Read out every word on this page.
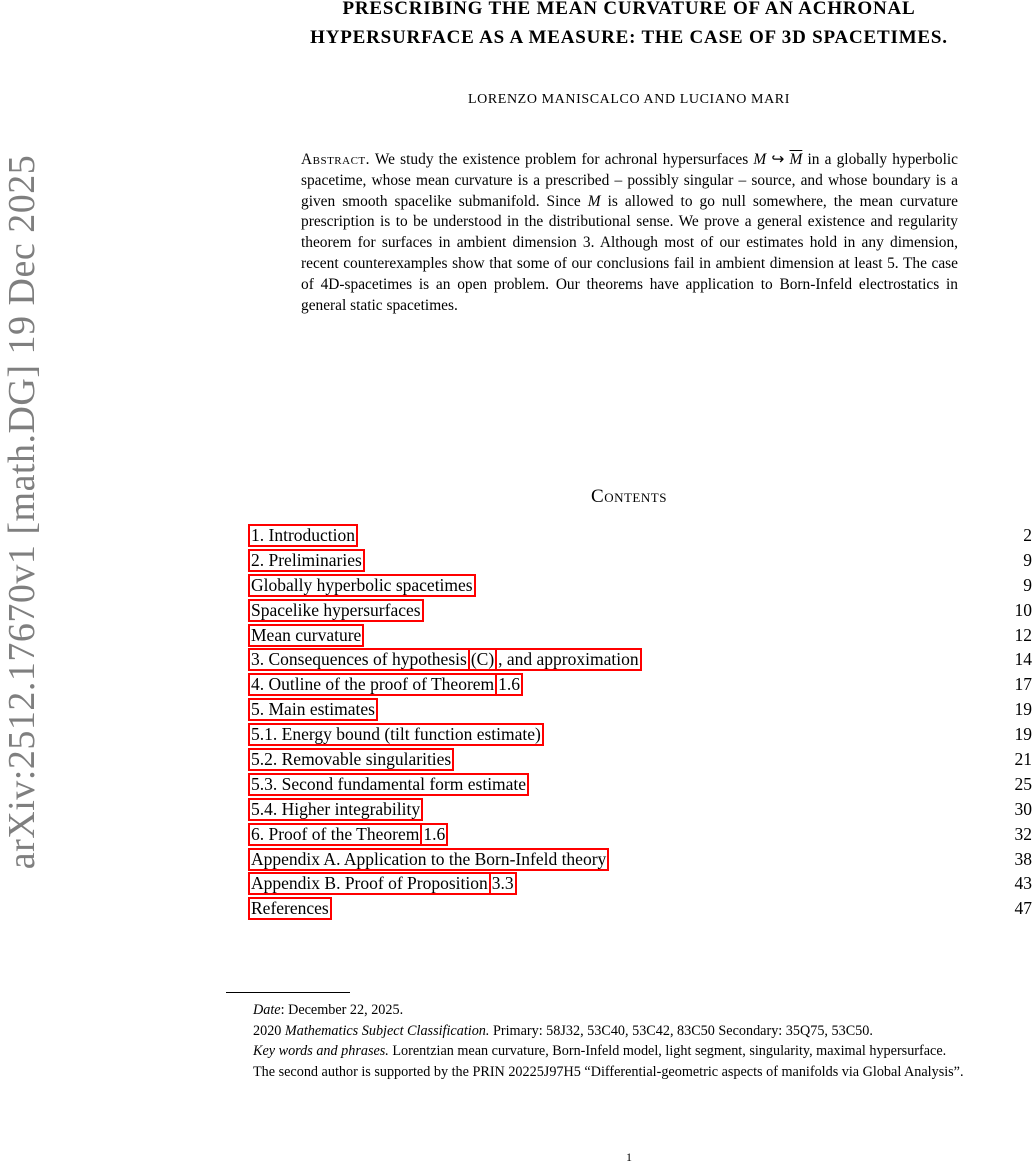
arXiv:2512.17670v1 [math.DG] 19 Dec 2025
PRESCRIBING THE MEAN CURVATURE OF AN ACHRONAL
HYPERSURFACE AS A MEASURE: THE CASE OF 3D SPACETIMES.
LORENZO MANISCALCO AND LUCIANO MARI
Abstract. We study the existence problem for achronal hypersurfaces M ↪ $\overline{M}$ in a globally hyperbolic spacetime, whose mean curvature is a prescribed – possibly singular – source, and whose boundary is a given smooth spacelike submanifold. Since M is allowed to go null somewhere, the mean curvature prescription is to be understood in the distributional sense. We prove a general existence and regularity theorem for surfaces in ambient dimension 3. Although most of our estimates hold in any dimension, recent counterexamples show that some of our conclusions fail in ambient dimension at least 5. The case of 4D-spacetimes is an open problem. Our theorems have application to Born-Infeld electrostatics in general static spacetimes.
Contents
1. Introduction	2
2. Preliminaries	9
Globally hyperbolic spacetimes	9
Spacelike hypersurfaces	10
Mean curvature	12
3. Consequences of hypothesis(C) , and approximation	14
4. Outline of the proof of Theorem1.6	17
5. Main estimates	19
5.1. Energy bound (tilt function estimate)	19
5.2. Removable singularities	21
5.3. Second fundamental form estimate	25
5.4. Higher integrability	30
6. Proof of the Theorem1.6	32
Appendix A. Application to the Born-Infeld theory	38
Appendix B. Proof of Proposition3.3	43
References	47

Date: December 22, 2025.

2020 Mathematics Subject Classification. Primary: 58J32, 53C40, 53C42, 83C50 Secondary: 35Q75, 53C50.

Key words and phrases. Lorentzian mean curvature, Born-Infeld model, light segment, singularity, maximal hypersurface.

The second author is supported by the PRIN 20225J97H5 “Differential-geometric aspects of manifolds via Global Analysis”.

1
